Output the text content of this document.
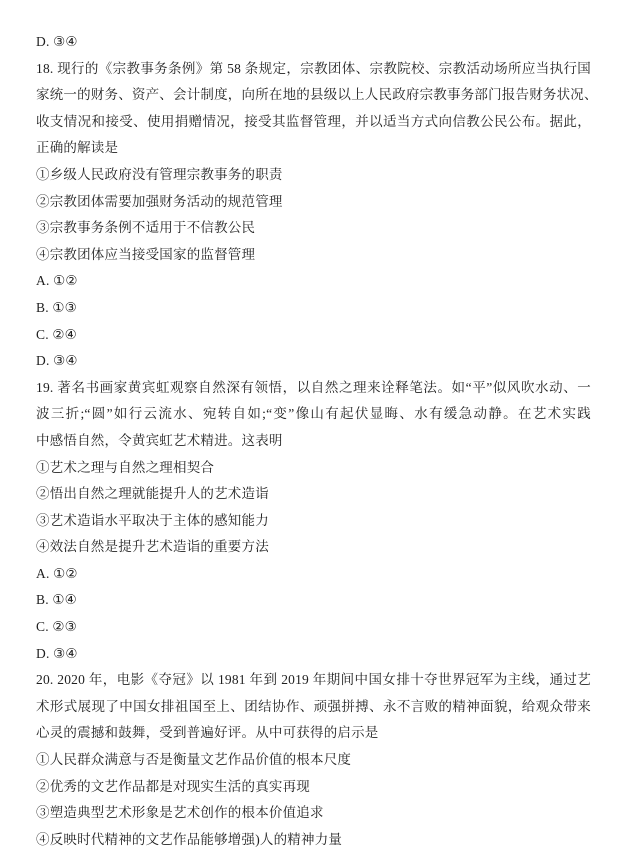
D. ③④
18. 现行的《宗教事务条例》第 58 条规定，宗教团体、宗教院校、宗教活动场所应当执行国
家统一的财务、资产、会计制度，向所在地的县级以上人民政府宗教事务部门报告财务状况、
收支情况和接受、使用捐赠情况，接受其监督管理，并以适当方式向信教公民公布。据此，
正确的解读是
①乡级人民政府没有管理宗教事务的职责
②宗教团体需要加强财务活动的规范管理
③宗教事务条例不适用于不信教公民
④宗教团体应当接受国家的监督管理
A. ①②
B. ①③
C. ②④
D. ③④
19. 著名书画家黄宾虹观察自然深有领悟，以自然之理来诠释笔法。如“平”似风吹水动、一
波三折;“圆”如行云流水、宛转自如;“变”像山有起伏显晦、水有缓急动静。在艺术实践
中感悟自然，令黄宾虹艺术精进。这表明
①艺术之理与自然之理相契合
②悟出自然之理就能提升人的艺术造诣
③艺术造诣水平取决于主体的感知能力
④效法自然是提升艺术造诣的重要方法
A. ①②
B. ①④
C. ②③
D. ③④
20. 2020 年，电影《夺冠》以 1981 年到 2019 年期间中国女排十夺世界冠军为主线，通过艺
术形式展现了中国女排祖国至上、团结协作、顽强拼搏、永不言败的精神面貌，给观众带来
心灵的震撼和鼓舞，受到普遍好评。从中可获得的启示是
①人民群众满意与否是衡量文艺作品价值的根本尺度
②优秀的文艺作品都是对现实生活的真实再现
③塑造典型艺术形象是艺术创作的根本价值追求
④反映时代精神的文艺作品能够增强)人的精神力量
